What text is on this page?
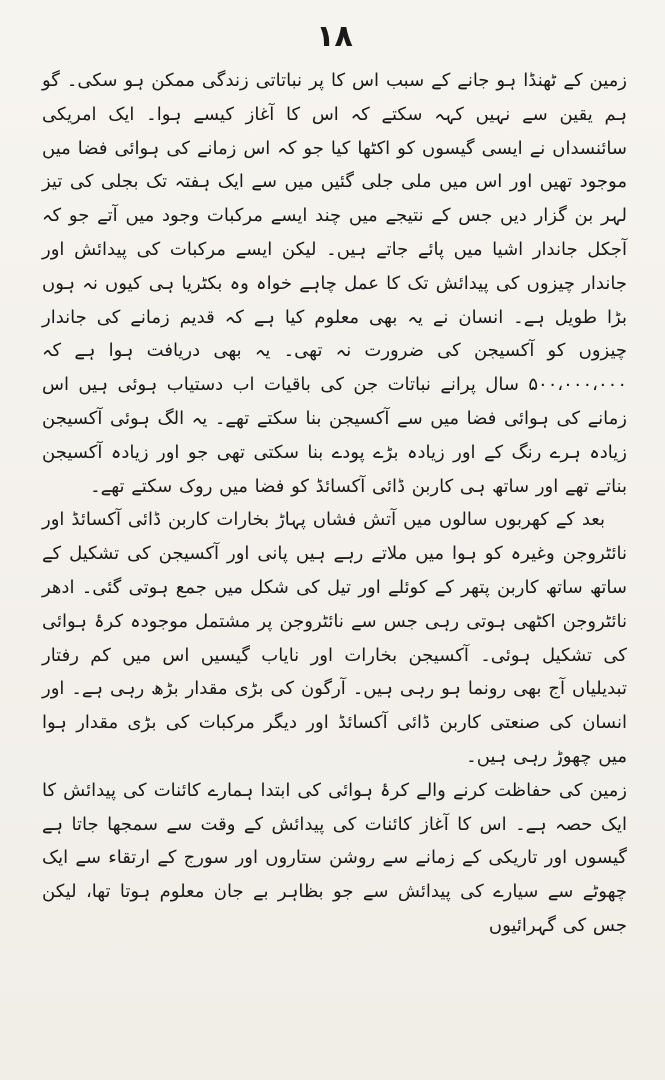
۱۸

زمین کے ٹھنڈا ہو جانے کے سبب اس کا پر نباتاتی زندگی ممکن ہو سکی۔ گو ہم یقین سے نہیں کہہ سکتے کہ اس کا آغاز کیسے ہوا۔ ایک امریکی سائنسداں نے ایسی گیسوں کو اکٹھا کیا جو کہ اس زمانے کی ہوائی فضا میں موجود تھیں اور اس میں ملی جلی گئیں میں سے ایک ہفتہ تک بجلی کی تیز لہر بن گزار دیں جس کے نتیجے میں چند ایسے مرکبات وجود میں آتے جو کہ آجکل جاندار اشیا میں پائے جاتے ہیں۔ لیکن ایسے مرکبات کی پیدائش اور جاندار چیزوں کی پیدائش تک کا عمل چاہے خواہ وہ بکٹریا ہی کیوں نہ ہوں بڑا طویل ہے۔ انسان نے یہ بھی معلوم کیا ہے کہ قدیم زمانے کی جاندار چیزوں کو آکسیجن کی ضرورت نہ تھی۔ یہ بھی دریافت ہوا ہے کہ ۵۰۰،۰۰۰،۰۰۰ سال پرانے نباتات جن کی باقیات اب دستیاب ہوئی ہیں اس زمانے کی ہوائی فضا میں سے آکسیجن بنا سکتے تھے۔ یہ الگ ہوئی آکسیجن زیادہ ہرے رنگ کے اور زیادہ بڑے پودے بنا سکتی تھی جو اور زیادہ آکسیجن بناتے تھے اور ساتھ ہی کاربن ڈائی آکسائڈ کو فضا میں روک سکتے تھے۔

بعد کے کھربوں سالوں میں آتش فشاں پہاڑ بخارات کاربن ڈائی آکسائڈ اور نائٹروجن وغیرہ کو ہوا میں ملاتے رہے ہیں پانی اور آکسیجن کی تشکیل کے ساتھ ساتھ کاربن پتھر کے کوئلے اور تیل کی شکل میں جمع ہوتی گئی۔ ادھر نائٹروجن اکٹھی ہوتی رہی جس سے نائٹروجن پر مشتمل موجودہ کرۂ ہوائی کی تشکیل ہوئی۔ آکسیجن بخارات اور نایاب گیسیں اس میں کم رفتار تبدیلیاں آج بھی رونما ہو رہی ہیں۔ آرگون کی بڑی مقدار بڑھ رہی ہے۔ اور انسان کی صنعتی کاربن ڈائی آکسائڈ اور دیگر مرکبات کی بڑی مقدار ہوا میں چھوڑ رہی ہیں۔

زمین کی حفاظت کرنے والے کرۂ ہوائی کی ابتدا ہمارے کائنات کی پیدائش کا ایک حصہ ہے۔ اس کا آغاز کائنات کی پیدائش کے وقت سے سمجھا جاتا ہے گیسوں اور تاریکی کے زمانے سے روشن ستاروں اور سورج کے ارتقاء سے ایک چھوٹے سے سیارے کی پیدائش سے جو بظاہر بے جان معلوم ہوتا تھا، لیکن جس کی گہرائیوں
